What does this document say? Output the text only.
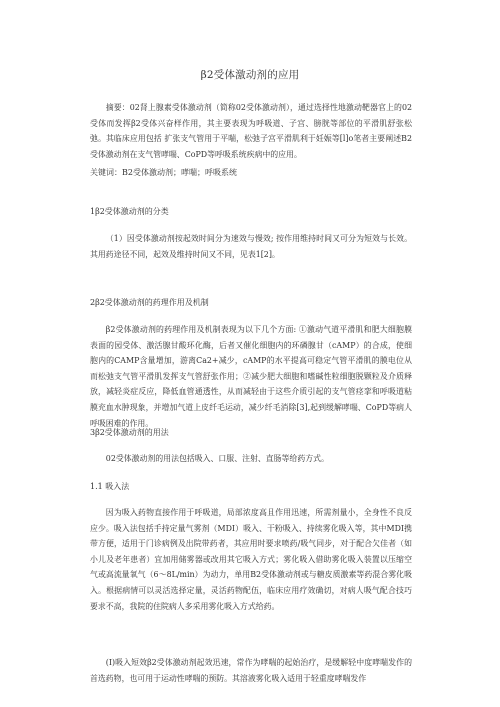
β2受体激动剂的应用

摘要：02肾上腺素受体激动剂（简称02受体激动剂），通过选择性地激动靶器官上的02受体而发挥β2受体兴奋样作用，其主要表现为呼吸道、子宫、膀胱等部位的平滑肌舒张松弛。其临床应用包括 扩张支气管用于平喘，松弛子宫平滑肌利于妊娠等[l]o笔者主要阐述B2受体激动剂在支气管哮喘、CoPD等呼吸系统疾病中的应用。

关键词：B2受体激动剂；哮喘；呼吸系统

1β2受体激动剂的分类

（1）因受体激动剂按起效时间分为速效与慢效; 按作用维持时间又可分为短效与长效。其用药途径不同，起效及维持时间又不同，见表1[2]。

2β2受体激动剂的药理作用及机制

β2受体激动剂的药理作用及机制表现为以下几个方面: ①激动气道平滑肌和肥大细胞膜表面的园受体、激活腺甘酸环化酶，后者又催化细胞内的环磷腺甘（cAMP）的合成，使细胞内的CAMP含量增加，游离Ca2+减少，cAMP的水平提高可稳定气管平滑肌的膜电位从而松弛支气管平滑肌发挥支气管舒张作用；②减少肥大细胞和嗜碱性粒细胞脱颗粒及介质释放，减轻炎症反应，降低血管通透性，从而减轻由于这些介质引起的支气管痉挛和呼吸道粘膜充血水肿现象，并增加气道上皮纤毛运动，减少纤毛消除[3],起到缓解哮喘、CoPD等病人呼吸困难的作用。

3β2受体激动剂的用法

02受体激动剂的用法包括吸入、口服、注射、直肠等给药方式。

1.1 吸入法

因为吸入药物直接作用于呼吸道，局部浓度高且作用迅速，所需剂量小，全身性不良反应少。吸入法包括手持定量气雾剂（MDI）吸入、干粉吸入、持续雾化吸入等，其中MDI携带方便，适用于门诊病例及出院带药者，其应用时要求喷药/吸气同步，对于配合欠佳者（如小儿及老年患者）宜加用储雾器或改用其它吸入方式；雾化吸入借助雾化吸入装置以压缩空气或高流量氧气（6～8L/min）为动力，单用B2受体激动剂或与糖皮质激素等药混合雾化吸入。根据病情可以灵活选择定量，灵活药物配伍，临床应用疗效确切，对病人吸气配合技巧要求不高，我院的住院病人多采用雾化吸入方式给药。

(I)吸入短效β2受体激动剂起效迅速，常作为哮喘的起始治疗，是缓解轻中度哮喘发作的首选药物，也可用于运动性哮喘的预防。其溶液雾化吸入适用于轻重度哮喘发作
